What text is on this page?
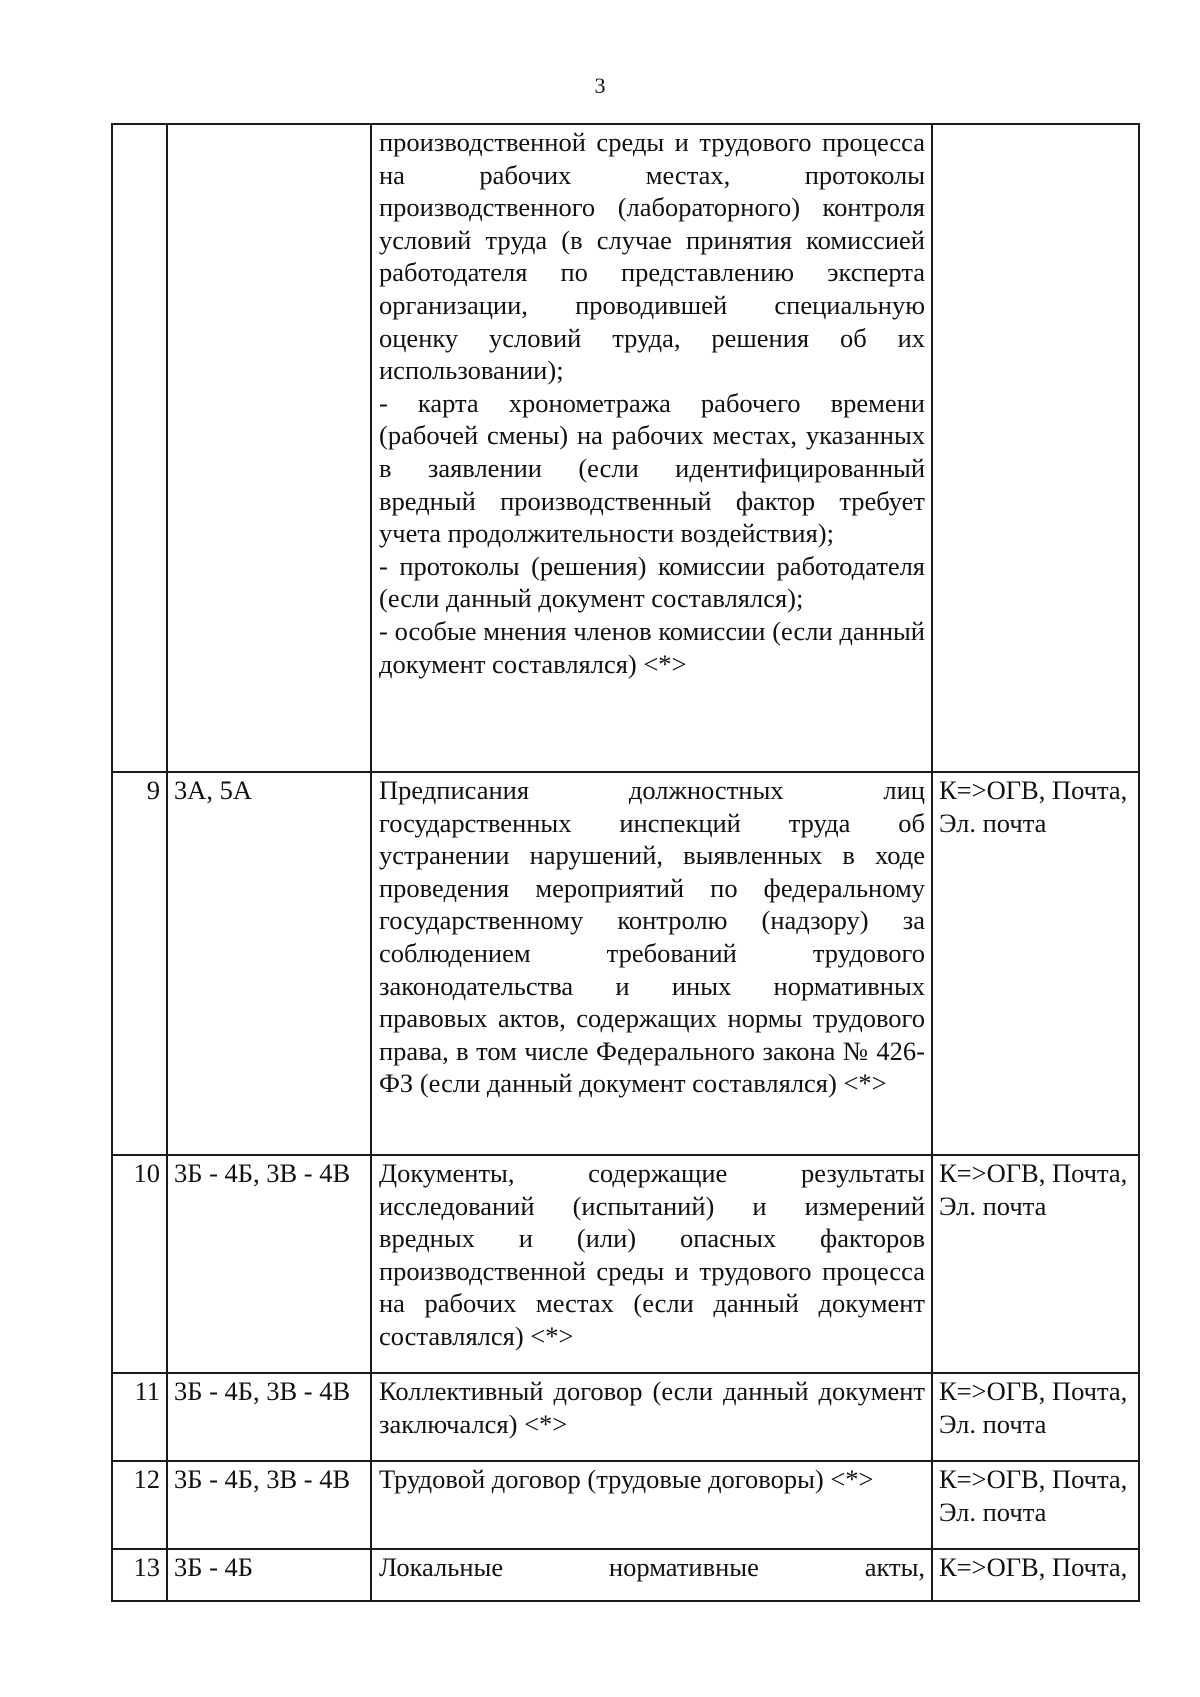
3

		производственной среды и трудового процесса на рабочих местах, протоколы производственного (лабораторного) контроля условий труда (в случае принятия комиссией работодателя по представлению эксперта организации, проводившей специальную оценку условий труда, решения об их использовании);

- карта хронометража рабочего времени (рабочей смены) на рабочих местах, указанных в заявлении (если идентифицированный вредный производственный фактор требует учета продолжительности воздействия);

- протоколы (решения) комиссии работодателя (если данный документ составлялся);

- особые мнения членов комиссии (если данный документ составлялся) <*>	

9	3А, 5А	Предписания должностных лиц государственных инспекций труда об устранении нарушений, выявленных в ходе проведения мероприятий по федеральному государственному контролю (надзору) за соблюдением требований трудового законодательства и иных нормативных правовых актов, содержащих нормы трудового права, в том числе Федерального закона № 426-ФЗ (если данный документ составлялся) <*>	К=>ОГВ, Почта,
Эл. почта

10	3Б - 4Б, 3В - 4В	Документы, содержащие результаты исследований (испытаний) и измерений вредных и (или) опасных факторов производственной среды и трудового процесса на рабочих местах (если данный документ составлялся) <*>	К=>ОГВ, Почта,
Эл. почта

11	3Б - 4Б, 3В - 4В	Коллективный договор (если данный документ заключался) <*>	К=>ОГВ, Почта,
Эл. почта

12	3Б - 4Б, 3В - 4В	Трудовой договор (трудовые договоры) <*>	К=>ОГВ, Почта,
Эл. почта

13	3Б - 4Б	Локальные нормативные акты,	К=>ОГВ, Почта,
